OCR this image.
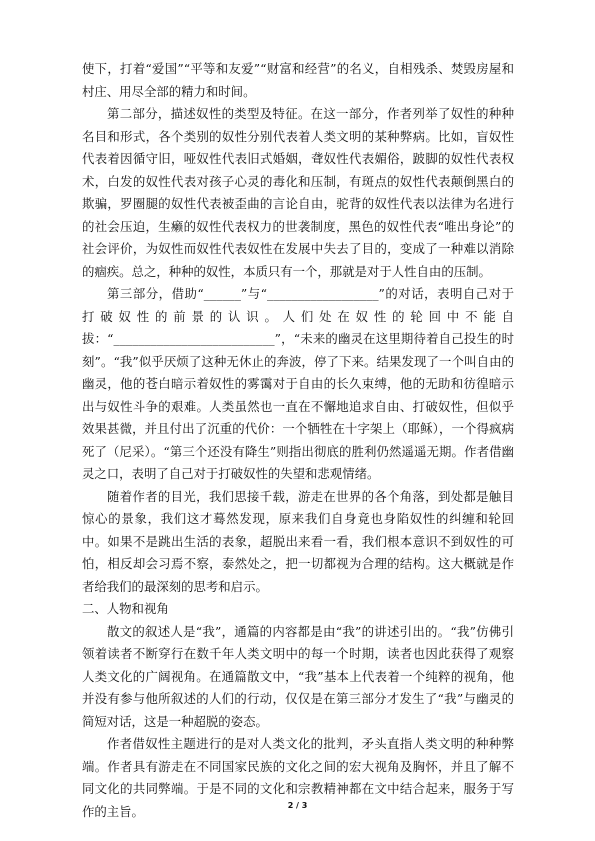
使下，打着“爱国”“平等和友爱”“财富和经营”的名义，自相残杀、焚毁房屋和村庄、用尽全部的精力和时间。

第二部分，描述奴性的类型及特征。在这一部分，作者列举了奴性的种种名目和形式，各个类别的奴性分别代表着人类文明的某种弊病。比如，盲奴性代表着因循守旧，哑奴性代表旧式婚姻，聋奴性代表媚俗，跛脚的奴性代表权术，白发的奴性代表对孩子心灵的毒化和压制，有斑点的奴性代表颠倒黑白的欺骗，罗圈腿的奴性代表被歪曲的言论自由，驼背的奴性代表以法律为名进行的社会压迫，生癞的奴性代表权力的世袭制度，黑色的奴性代表“唯出身论”的社会评价，为奴性而奴性代表奴性在发展中失去了目的，变成了一种难以消除的痼疾。总之，种种的奴性，本质只有一个，那就是对于人性自由的压制。

第三部分，借助“______”与“__________________”的对话，表明自己对于打破奴性的前景的认识。人们处在奴性的轮回中不能自拔：“__________________________”，“未来的幽灵在这里期待着自己投生的时刻”。“我”似乎厌烦了这种无休止的奔波，停了下来。结果发现了一个叫自由的幽灵，他的苍白暗示着奴性的雾霭对于自由的长久束缚，他的无助和彷徨暗示出与奴性斗争的艰难。人类虽然也一直在不懈地追求自由、打破奴性，但似乎效果甚微，并且付出了沉重的代价：一个牺牲在十字架上（耶稣），一个得疯病死了（尼采）。“第三个还没有降生”则指出彻底的胜利仍然遥遥无期。作者借幽灵之口，表明了自己对于打破奴性的失望和悲观情绪。

随着作者的目光，我们思接千载，游走在世界的各个角落，到处都是触目惊心的景象，我们这才蓦然发现，原来我们自身竟也身陷奴性的纠缠和轮回中。如果不是跳出生活的表象，超脱出来看一看，我们根本意识不到奴性的可怕，相反却会习焉不察，泰然处之，把一切都视为合理的结构。这大概就是作者给我们的最深刻的思考和启示。

二、人物和视角

散文的叙述人是“我”，通篇的内容都是由“我”的讲述引出的。“我”仿佛引领着读者不断穿行在数千年人类文明中的每一个时期，读者也因此获得了观察人类文化的广阔视角。在通篇散文中，“我”基本上代表着一个纯粹的视角，他并没有参与他所叙述的人们的行动，仅仅是在第三部分才发生了“我”与幽灵的简短对话，这是一种超脱的姿态。

作者借奴性主题进行的是对人类文化的批判，矛头直指人类文明的种种弊端。作者具有游走在不同国家民族的文化之间的宏大视角及胸怀，并且了解不同文化的共同弊端。于是不同的文化和宗教精神都在文中结合起来，服务于写作的主旨。	2 / 3
